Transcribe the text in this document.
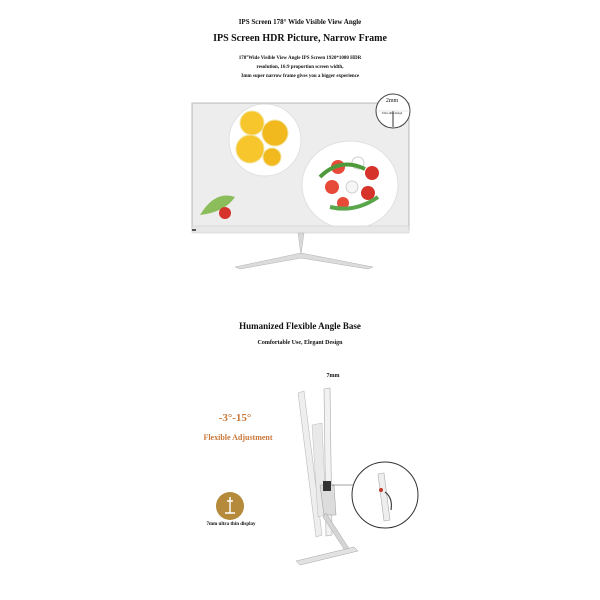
IPS Screen 178° Wide Visible View Angle
IPS Screen HDR Picture, Narrow Frame
178°Wide Visible View Angle IPS Screen 1920*1080 HDR
resolution, 16:9 proportion screen width,
3mm super narrow frame gives you a bigger experience
2mm
Ultra-thin design
Humanized Flexible Angle Base
Comfortable Use, Elegant Design
-3°-15°
Flexible Adjustment
7mm
7mm ultra thin display
